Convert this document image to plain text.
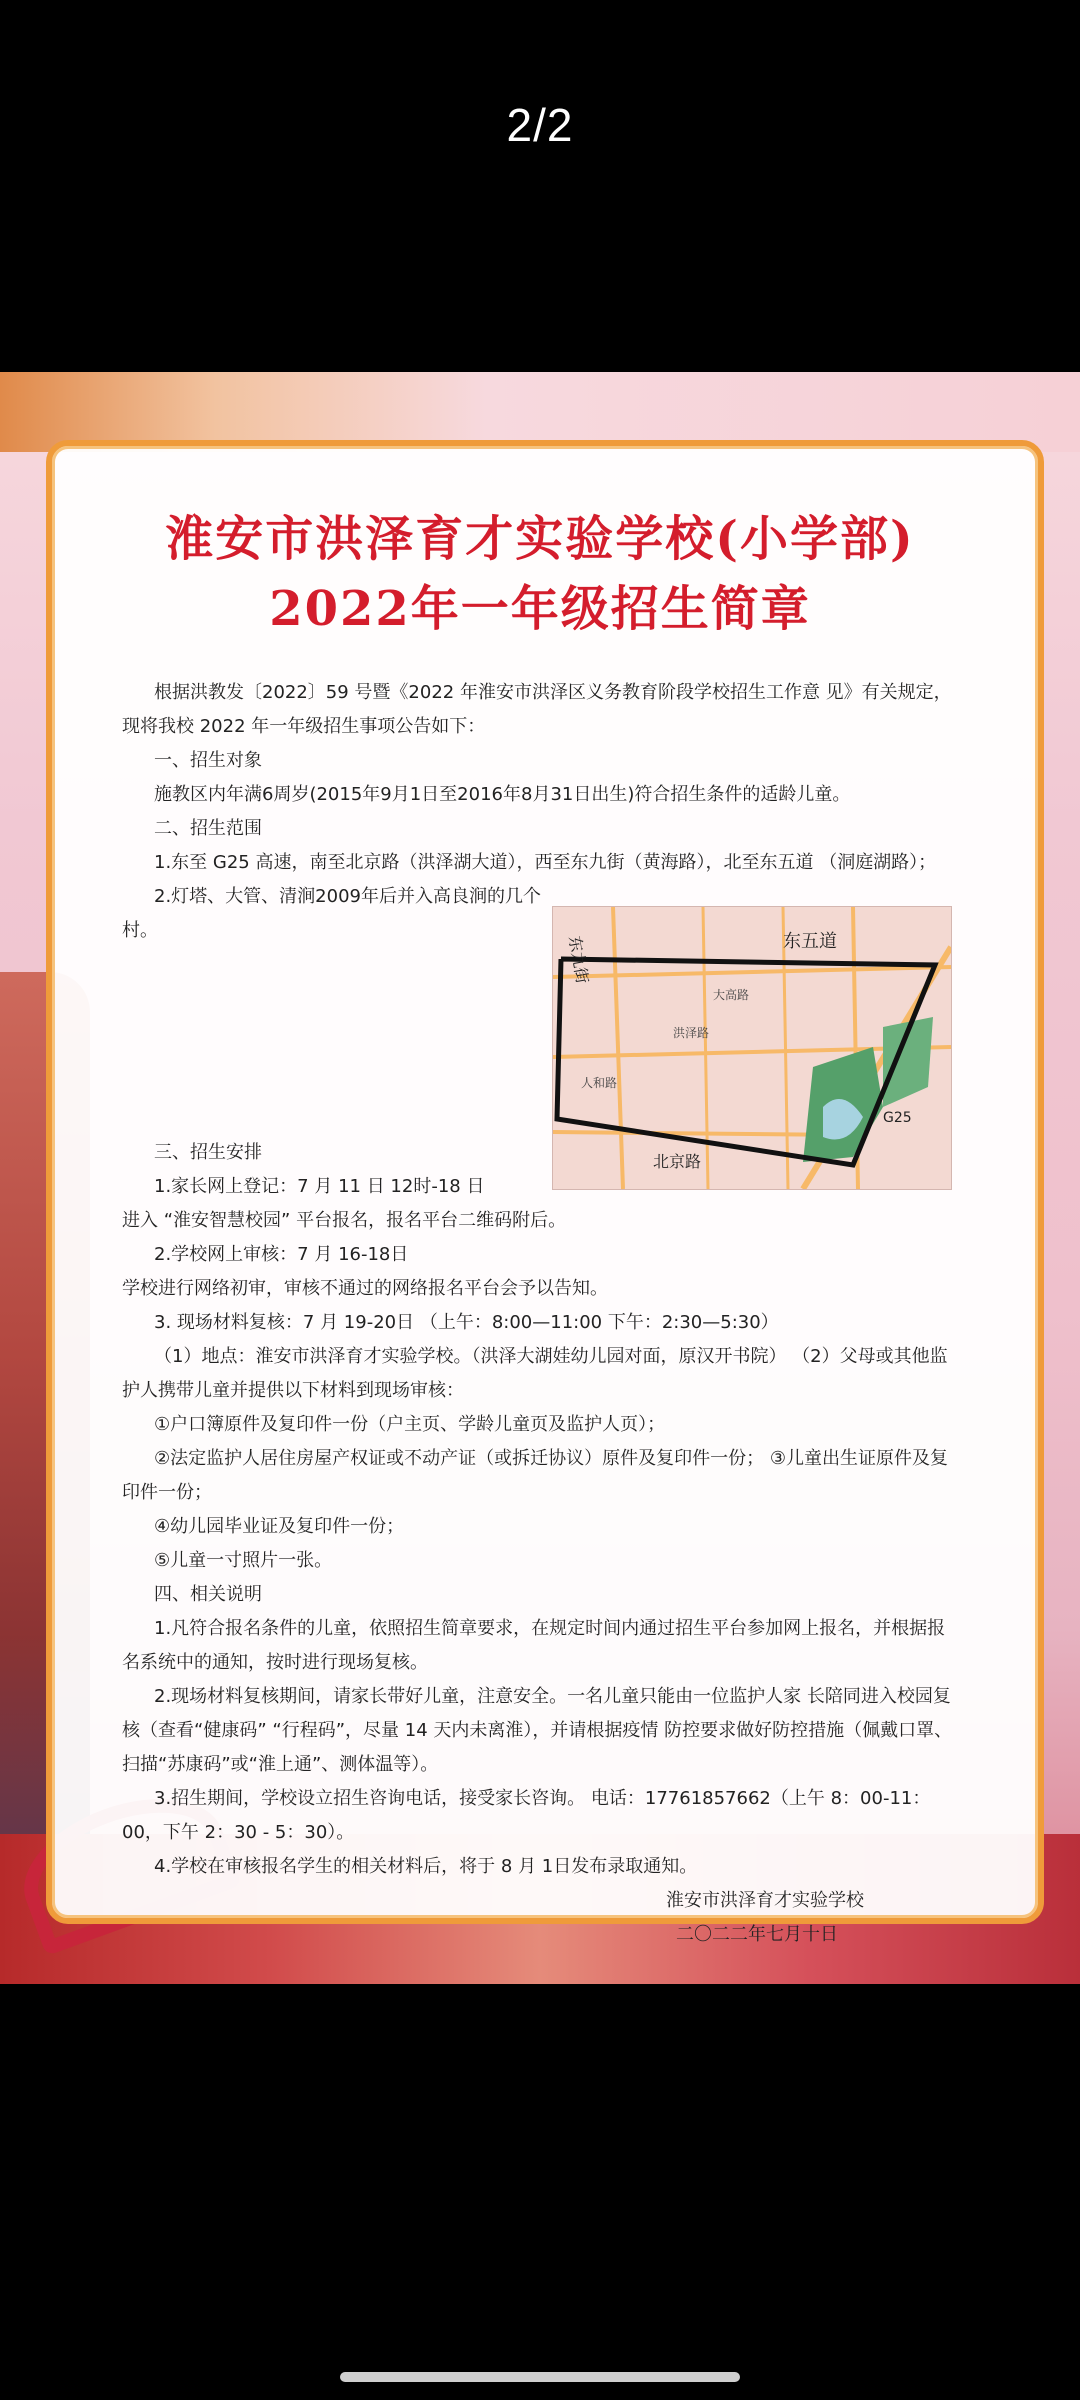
2/2
淮安市洪泽育才实验学校(小学部)
2022年一年级招生简章

根据洪教发〔2022〕59 号暨《2022 年淮安市洪泽区义务教育阶段学校招生工作意 见》有关规定，现将我校 2022 年一年级招生事项公告如下：

一、招生对象

施教区内年满6周岁(2015年9月1日至2016年8月31日出生)符合招生条件的适龄儿童。

二、招生范围

1.东至 G25 高速，南至北京路（洪泽湖大道），西至东九街（黄海路），北至东五道 （洞庭湖路）；

2.灯塔、大管、清涧2009年后并入高良涧的几个村。

三、招生安排

1.家长网上登记：7 月 11 日 12时-18 日

进入 “淮安智慧校园” 平台报名，报名平台二维码附后。

2.学校网上审核：7 月 16-18日

学校进行网络初审，审核不通过的网络报名平台会予以告知。

3. 现场材料复核：7 月 19-20日 （上午：8:00—11:00 下午：2:30—5:30）

（1）地点：淮安市洪泽育才实验学校。（洪泽大湖娃幼儿园对面，原汉开书院） （2）父母或其他监护人携带儿童并提供以下材料到现场审核：

①户口簿原件及复印件一份（户主页、学龄儿童页及监护人页）；

②法定监护人居住房屋产权证或不动产证（或拆迁协议）原件及复印件一份； ③儿童出生证原件及复印件一份；

④幼儿园毕业证及复印件一份；

⑤儿童一寸照片一张。

四、相关说明

1.凡符合报名条件的儿童，依照招生简章要求，在规定时间内通过招生平台参加网上报名，并根据报名系统中的通知，按时进行现场复核。

2.现场材料复核期间，请家长带好儿童，注意安全。一名儿童只能由一位监护人家 长陪同进入校园复核（查看“健康码” “行程码”，尽量 14 天内未离淮），并请根据疫情 防控要求做好防控措施（佩戴口罩、扫描“苏康码”或“淮上通”、测体温等）。

3.招生期间，学校设立招生咨询电话，接受家长咨询。 电话：17761857662（上午 8：00-11：00，下午 2：30 - 5：30）。

4.学校在审核报名学生的相关材料后，将于 8 月 1日发布录取通知。

淮安市洪泽育才实验学校

二〇二二年七月十日

东五道
东九街
北京路
G25
大高路
洪泽路
人和路
